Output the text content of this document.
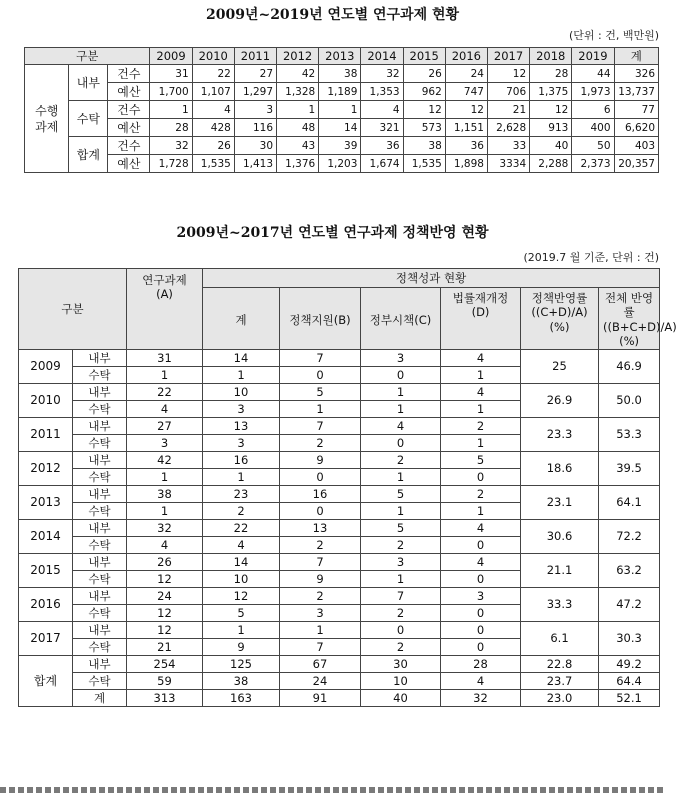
2009년~2019년 연도별 연구과제 현황
(단위 : 건, 백만원)
구분			2009	2010	2011	2012	2013	2014	2015	2016	2017	2018	2019	계
수행
과제	내부	건수	31	22	27	42	38	32	26	24	12	28	44	326
		예산	1,700	1,107	1,297	1,328	1,189	1,353	962	747	706	1,375	1,973	13,737
	수탁	건수	1	4	3	1	1	4	12	12	21	12	6	77
		예산	28	428	116	48	14	321	573	1,151	2,628	913	400	6,620
	합계	건수	32	26	30	43	39	36	38	36	33	40	50	403
		예산	1,728	1,535	1,413	1,376	1,203	1,674	1,535	1,898	3334	2,288	2,373	20,357
2009년~2017년 연도별 연구과제 정책반영 현황
(2019.7 월 기준, 단위 : 건)
구분		연구과제 (A)	정책성과 현황					
			계	정책지원(B)	정부시책(C)	법률재개정 (D)	정책반영률 ((C+D)/A) (%)	전체 반영률 ((B+C+D)/A) (%)
2009	내부	31	14	7	3	4	25	46.9
	수탁	1	1	0	0	1		
2010	내부	22	10	5	1	4	26.9	50.0
	수탁	4	3	1	1	1		
2011	내부	27	13	7	4	2	23.3	53.3
	수탁	3	3	2	0	1		
2012	내부	42	16	9	2	5	18.6	39.5
	수탁	1	1	0	1	0		
2013	내부	38	23	16	5	2	23.1	64.1
	수탁	1	2	0	1	1		
2014	내부	32	22	13	5	4	30.6	72.2
	수탁	4	4	2	2	0		
2015	내부	26	14	7	3	4	21.1	63.2
	수탁	12	10	9	1	0		
2016	내부	24	12	2	7	3	33.3	47.2
	수탁	12	5	3	2	0		
2017	내부	12	1	1	0	0	6.1	30.3
	수탁	21	9	7	2	0		
합계	내부	254	125	67	30	28	22.8	49.2
	수탁	59	38	24	10	4	23.7	64.4
	계	313	163	91	40	32	23.0	52.1
